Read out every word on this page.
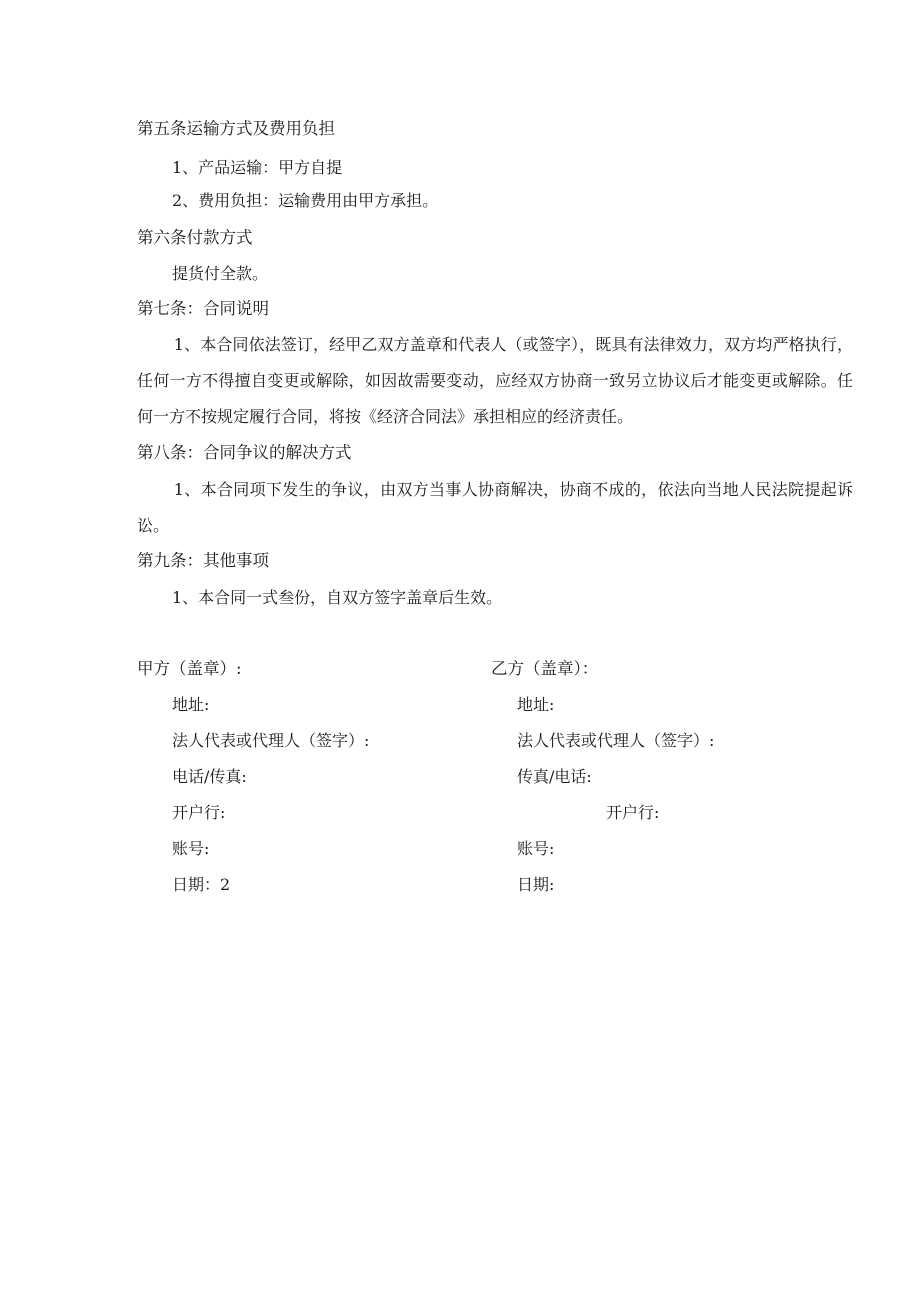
第五条运输方式及费用负担
1、产品运输：甲方自提
2、费用负担：运输费用由甲方承担。
第六条付款方式
提货付全款。
第七条：合同说明
1、本合同依法签订，经甲乙双方盖章和代表人（或签字），既具有法律效力，双方均严格执行，任何一方不得擅自变更或解除，如因故需要变动，应经双方协商一致另立协议后才能变更或解除。任何一方不按规定履行合同，将按《经济合同法》承担相应的经济责任。
第八条：合同争议的解决方式
1、本合同项下发生的争议，由双方当事人协商解决，协商不成的，依法向当地人民法院提起诉讼。
第九条：其他事项
1、本合同一式叁份，自双方签字盖章后生效。
甲方（盖章）:
地址:
法人代表或代理人（签字）:
电话/传真:
开户行:
账号:
日期：2
乙方（盖章）：
地址:
法人代表或代理人（签字）:
传真/电话:
开户行:
账号:
日期:
